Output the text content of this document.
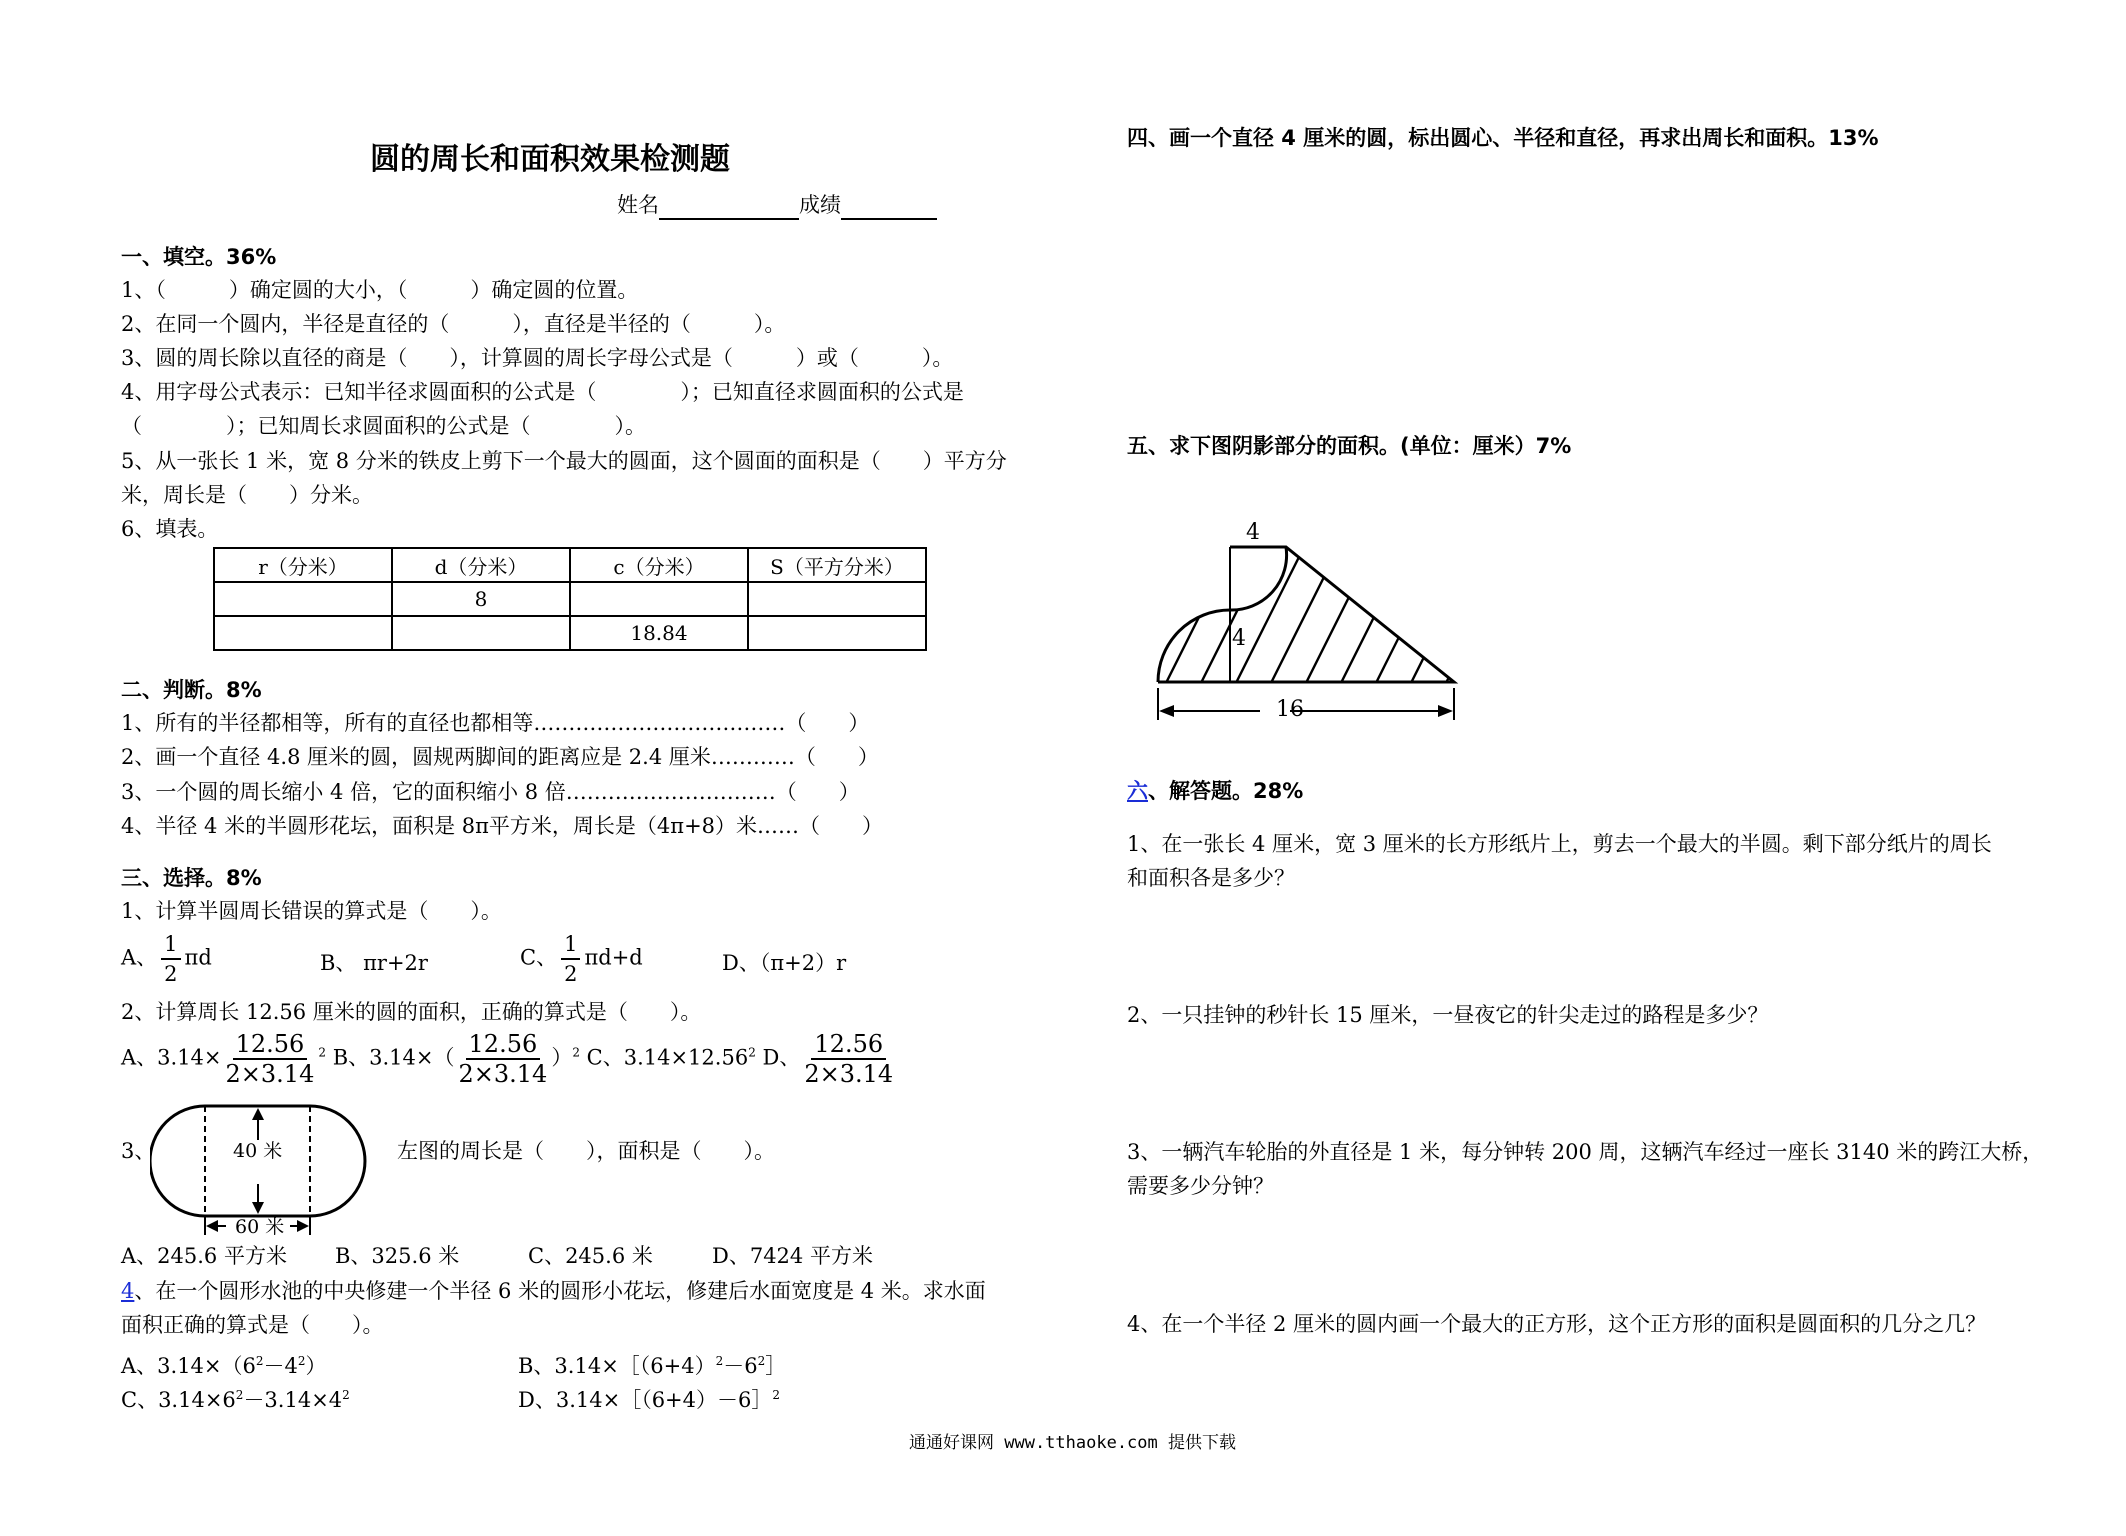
圆的周长和面积效果检测题
姓名	成绩
一、填空。36%
1、（　　　）确定圆的大小，（　　　）确定圆的位置。
2、在同一个圆内，半径是直径的（　　　），直径是半径的（　　　）。
3、圆的周长除以直径的商是（　　），计算圆的周长字母公式是（　　　）或（　　　）。
4、用字母公式表示：已知半径求圆面积的公式是（　　　　）；已知直径求圆面积的公式是
（　　　　）；已知周长求圆面积的公式是（　　　　）。
5、从一张长 1 米，宽 8 分米的铁皮上剪下一个最大的圆面，这个圆面的面积是（　　）平方分
米，周长是（　　）分米。
6、填表。
r（分米）	d（分米）	c（分米）	S（平方分米）
	8		
		18.84	
二、判断。8%
1、所有的半径都相等，所有的直径也都相等………………………………（　　）
2、画一个直径 4.8 厘米的圆，圆规两脚间的距离应是 2.4 厘米…………（　　）
3、一个圆的周长缩小 4 倍，它的面积缩小 8 倍…………………………（　　）
4、半径 4 米的半圆形花坛，面积是 8π平方米，周长是（4π+8）米……（　　）
三、选择。8%
1、计算半圆周长错误的算式是（　　）。
A、 $\frac{1}{2}$ πd	B、 πr+2r	C、 $\frac{1}{2} \pi d+d$	D、（π+2）r
2、计算周长 12.56 厘米的圆的面积，正确的算式是（　　）。
A、$3.14\times \frac{12.56}{2\times 3.14} ^2$ B、$3.14\times( \frac{12.56}{2\times 3.14} )^2$ C、$3.14\times 12.56^2$ D、 $\frac{12.56}{2\times 3.14}$
3、	40 米
60 米
左图的周长是（　　），面积是（　　）。
A、245.6 平方米 B、325.6 米	C、245.6 米	D、7424 平方米
4、在一个圆形水池的中央修建一个半径 6 米的圆形小花坛，修建后水面宽度是 4 米。求水面
面积正确的算式是（　　）。
A、$3.14\times(6^2-4^2)$	B、$3.14\times[(6+4)^2-6^2]$
C、$3.14\times 6^2-3.14\times 4^2$	D、3.14×［（6+4）－6］$^2$
四、画一个直径 4 厘米的圆，标出圆心、半径和直径，再求出周长和面积。13%
五、求下图阴影部分的面积。(单位：厘米）7%
4
4
16
六、解答题。28%
1、在一张长 4 厘米，宽 3 厘米的长方形纸片上，剪去一个最大的半圆。剩下部分纸片的周长
和面积各是多少？
2、一只挂钟的秒针长 15 厘米，一昼夜它的针尖走过的路程是多少？
3、一辆汽车轮胎的外直径是 1 米，每分钟转 200 周，这辆汽车经过一座长 3140 米的跨江大桥，
需要多少分钟？
4、在一个半径 2 厘米的圆内画一个最大的正方形，这个正方形的面积是圆面积的几分之几？
通通好课网 www.tthaoke.com 提供下载
